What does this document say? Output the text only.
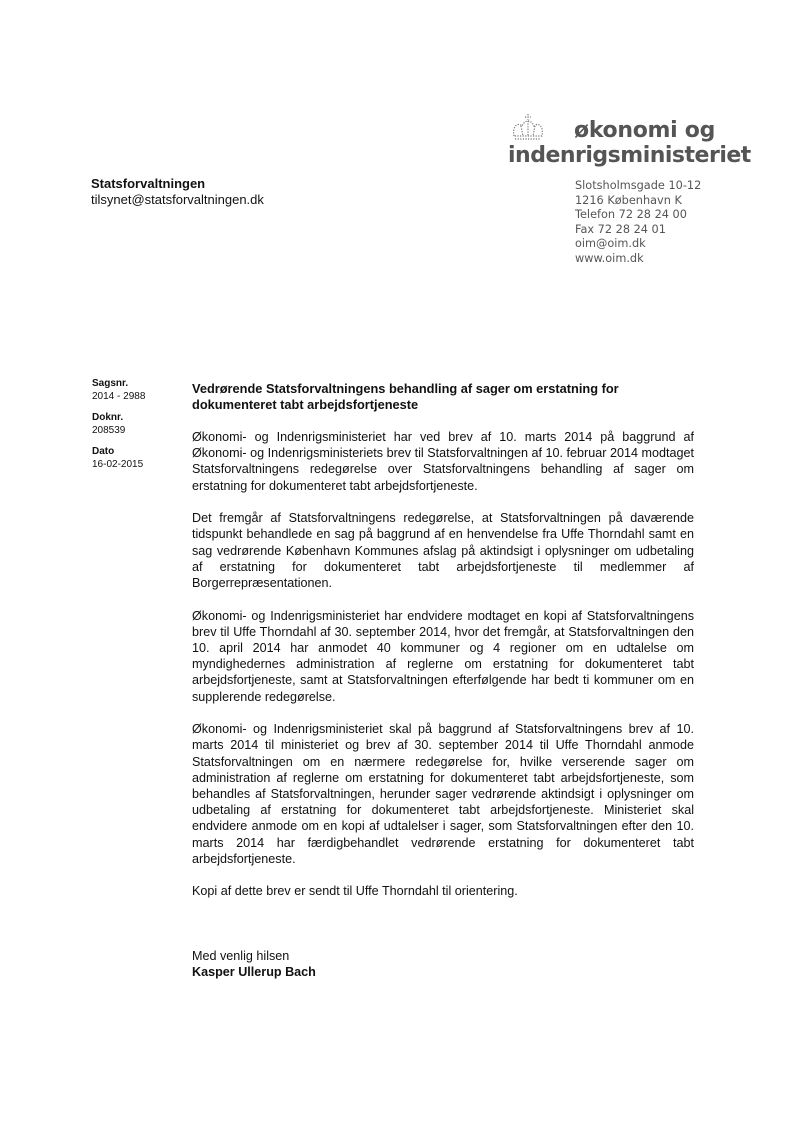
økonomi og
indenrigsministeriet
Slotsholmsgade 10-12
1216 København K
Telefon 72 28 24 00
Fax 72 28 24 01
oim@oim.dk
www.oim.dk
Statsforvaltningen
tilsynet@statsforvaltningen.dk
Sagsnr.
2014 - 2988
Doknr.
208539
Dato
16-02-2015
Vedrørende Statsforvaltningens behandling af sager om erstatning for dokumenteret tabt arbejdsfortjeneste

Økonomi- og Indenrigsministeriet har ved brev af 10. marts 2014 på baggrund af Økonomi- og Indenrigsministeriets brev til Statsforvaltningen af 10. februar 2014 modtaget Statsforvaltningens redegørelse over Statsforvaltningens behandling af sager om erstatning for dokumenteret tabt arbejdsfortjeneste.

Det fremgår af Statsforvaltningens redegørelse, at Statsforvaltningen på daværende tidspunkt behandlede en sag på baggrund af en henvendelse fra Uffe Thorndahl samt en sag vedrørende København Kommunes afslag på aktindsigt i oplysninger om udbetaling af erstatning for dokumenteret tabt arbejdsfortjeneste til medlemmer af Borgerrepræsentationen.

Økonomi- og Indenrigsministeriet har endvidere modtaget en kopi af Statsforvaltningens brev til Uffe Thorndahl af 30. september 2014, hvor det fremgår, at Statsforvaltningen den 10. april 2014 har anmodet 40 kommuner og 4 regioner om en udtalelse om myndighedernes administration af reglerne om erstatning for dokumenteret tabt arbejdsfortjeneste, samt at Statsforvaltningen efterfølgende har bedt ti kommuner om en supplerende redegørelse.

Økonomi- og Indenrigsministeriet skal på baggrund af Statsforvaltningens brev af 10. marts 2014 til ministeriet og brev af 30. september 2014 til Uffe Thorndahl anmode Statsforvaltningen om en nærmere redegørelse for, hvilke verserende sager om administration af reglerne om erstatning for dokumenteret tabt arbejdsfortjeneste, som behandles af Statsforvaltningen, herunder sager vedrørende aktindsigt i oplysninger om udbetaling af erstatning for dokumenteret tabt arbejdsfortjeneste. Ministeriet skal endvidere anmode om en kopi af udtalelser i sager, som Statsforvaltningen efter den 10. marts 2014 har færdigbehandlet vedrørende erstatning for dokumenteret tabt arbejdsfortjeneste.

Kopi af dette brev er sendt til Uffe Thorndahl til orientering.

Med venlig hilsen
Kasper Ullerup Bach
